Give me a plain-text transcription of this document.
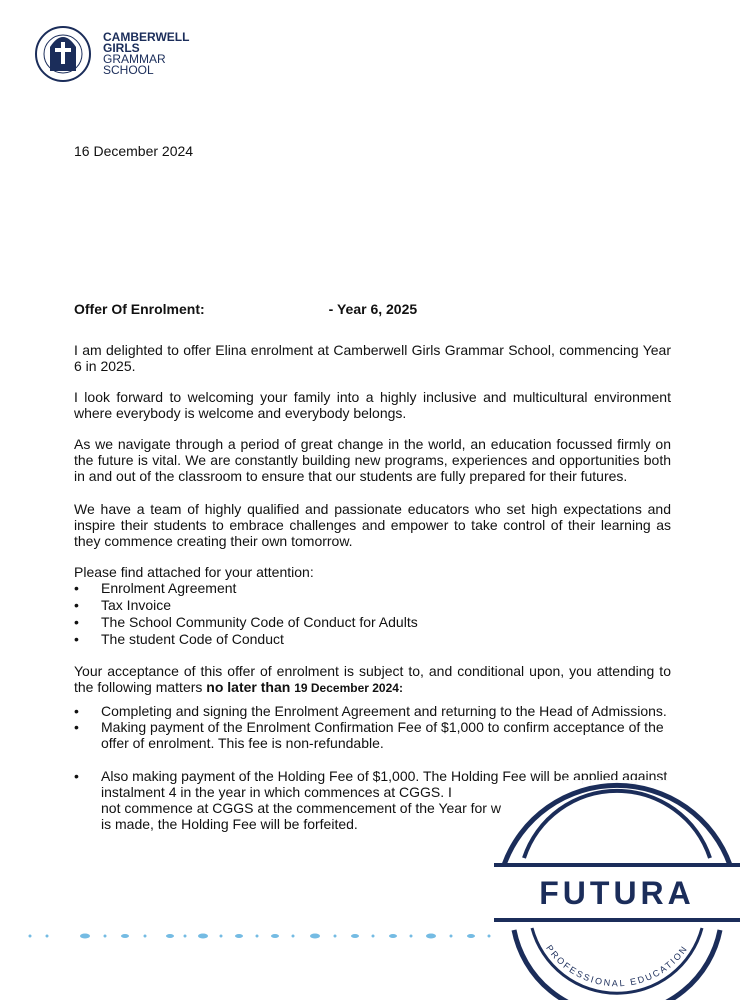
CAMBERWELL
GIRLS
GRAMMAR
SCHOOL
16 December 2024
Offer Of Enrolment:	- Year 6, 2025

I am delighted to offer Elina enrolment at Camberwell Girls Grammar School, commencing Year 6 in 2025.

I look forward to welcoming your family into a highly inclusive and multicultural environment where everybody is welcome and everybody belongs.

As we navigate through a period of great change in the world, an education focussed firmly on the future is vital. We are constantly building new programs, experiences and opportunities both in and out of the classroom to ensure that our students are fully prepared for their futures.

We have a team of highly qualified and passionate educators who set high expectations and inspire their students to embrace challenges and empower to take control of their learning as they commence creating their own tomorrow.

Please find attached for your attention:

• Enrolment Agreement
• Tax Invoice
• The School Community Code of Conduct for Adults
• The student Code of Conduct

Your acceptance of this offer of enrolment is subject to, and conditional upon, you attending to the following matters no later than 19 December 2024:

• Completing and signing the Enrolment Agreement and returning to the Head of Admissions.
• Making payment of the Enrolment Confirmation Fee of $1,000 to confirm acceptance of the offer of enrolment. This fee is non-refundable.
• Also making payment of the Holding Fee of $1,000. The Holding Fee will be applied against instalment 4 in the year in which commences at CGGS. I
not commence at CGGS at the commencement of the Year for w
is made, the Holding Fee will be forfeited.
FUTURA
PROFESSIONAL EDUCATION
